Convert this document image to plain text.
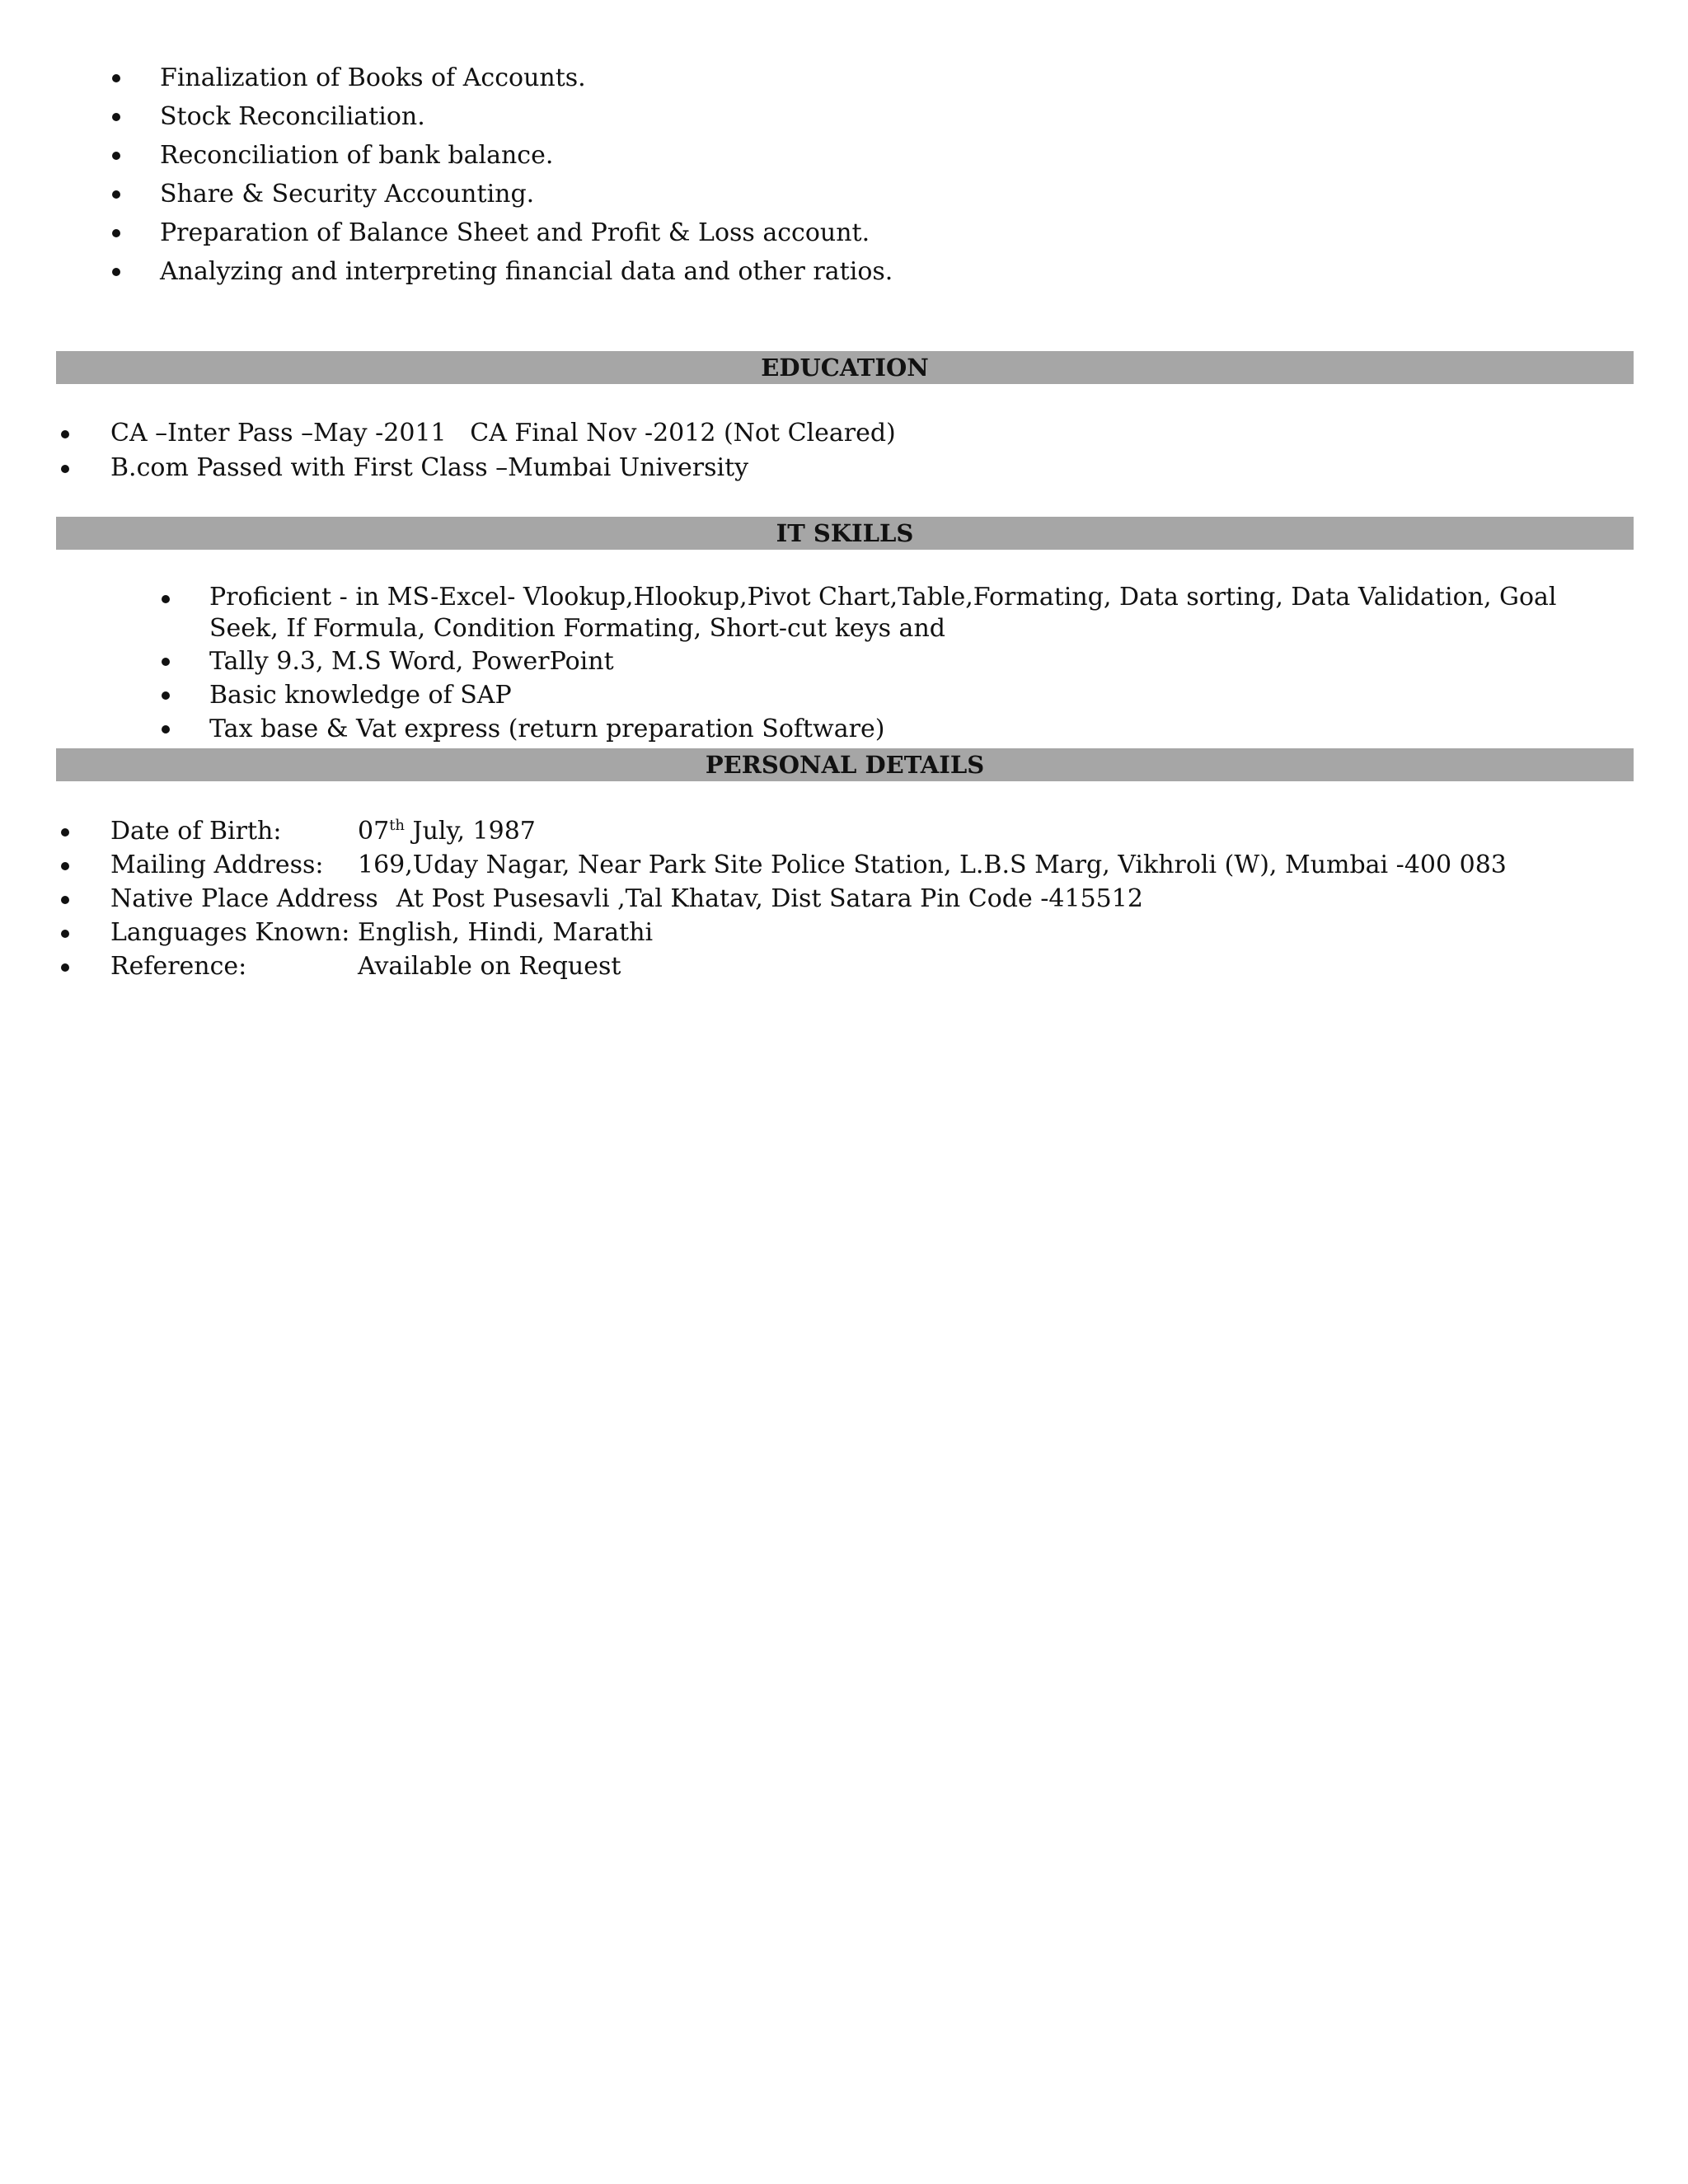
Finalization of Books of Accounts.
Stock Reconciliation.
Reconciliation of bank balance.
Share & Security Accounting.
Preparation of Balance Sheet and Profit & Loss account.
Analyzing and interpreting financial data and other ratios.
EDUCATION
CA –Inter Pass –May -2011   CA Final Nov -2012 (Not Cleared)
B.com Passed with First Class –Mumbai University
IT SKILLS
Proficient - in MS-Excel- Vlookup,Hlookup,Pivot Chart,Table,Formating, Data sorting, Data Validation, Goal Seek, If Formula, Condition Formating, Short-cut keys and
Tally 9.3, M.S Word, PowerPoint
Basic knowledge of SAP
Tax base & Vat express (return preparation Software)
PERSONAL DETAILS
Date of Birth:	07th July, 1987
Mailing Address: 169,Uday Nagar, Near Park Site Police Station, L.B.S Marg, Vikhroli (W), Mumbai -400 083
Native Place Address At Post Pusesavli ,Tal Khatav, Dist Satara Pin Code -415512
Languages Known: English, Hindi, Marathi
Reference:	Available on Request
